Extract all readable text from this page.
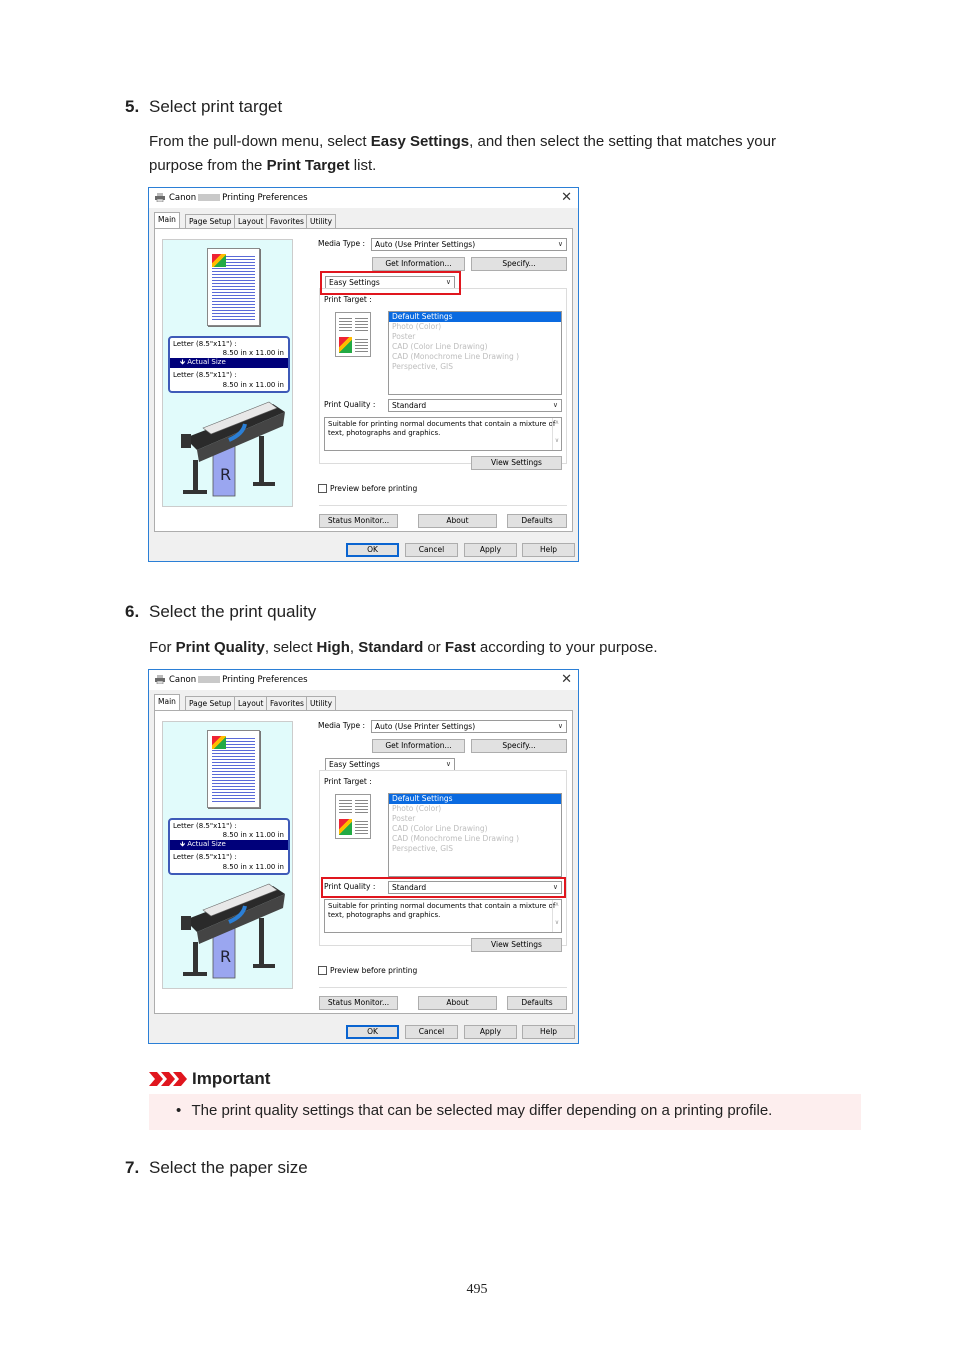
5. Select print target
From the pull-down menu, select Easy Settings, and then select the setting that matches your purpose from the Print Target list.
Canon	Printing Preferences	✕
Main	Page Setup Layout Favorites Utility
Letter (8.5"x11") :
8.50 in x 11.00 in
🡻 Actual Size
Letter (8.5"x11") :
8.50 in x 11.00 in
R
Media Type :	Auto (Use Printer Settings)	∨
Get Information...	Specify...
Easy Settings	∨
Print Target :
Default Settings
Photo (Color)
Poster
CAD (Color Line Drawing)
CAD (Monochrome Line Drawing )
Perspective, GIS
Print Quality :	Standard	∨
Suitable for printing normal documents that contain a mixture of text, photographs and graphics.
∧

∨
View Settings
Preview before printing
Status Monitor...	About	Defaults
OK	Cancel	Apply	Help
6. Select the print quality
For Print Quality, select High, Standard or Fast according to your purpose.
Canon	Printing Preferences	✕
Main	Page Setup Layout Favorites Utility
Letter (8.5"x11") :
8.50 in x 11.00 in
🡻 Actual Size
Letter (8.5"x11") :
8.50 in x 11.00 in
R
Media Type :	Auto (Use Printer Settings)	∨
Get Information...	Specify...
Easy Settings	∨
Print Target :
Default Settings
Photo (Color)
Poster
CAD (Color Line Drawing)
CAD (Monochrome Line Drawing )
Perspective, GIS
Print Quality :	Standard	∨
Suitable for printing normal documents that contain a mixture of text, photographs and graphics.
∧

∨
View Settings
Preview before printing
Status Monitor...	About	Defaults
OK	Cancel	Apply	Help
Important
• The print quality settings that can be selected may differ depending on a printing profile.
7. Select the paper size
495
